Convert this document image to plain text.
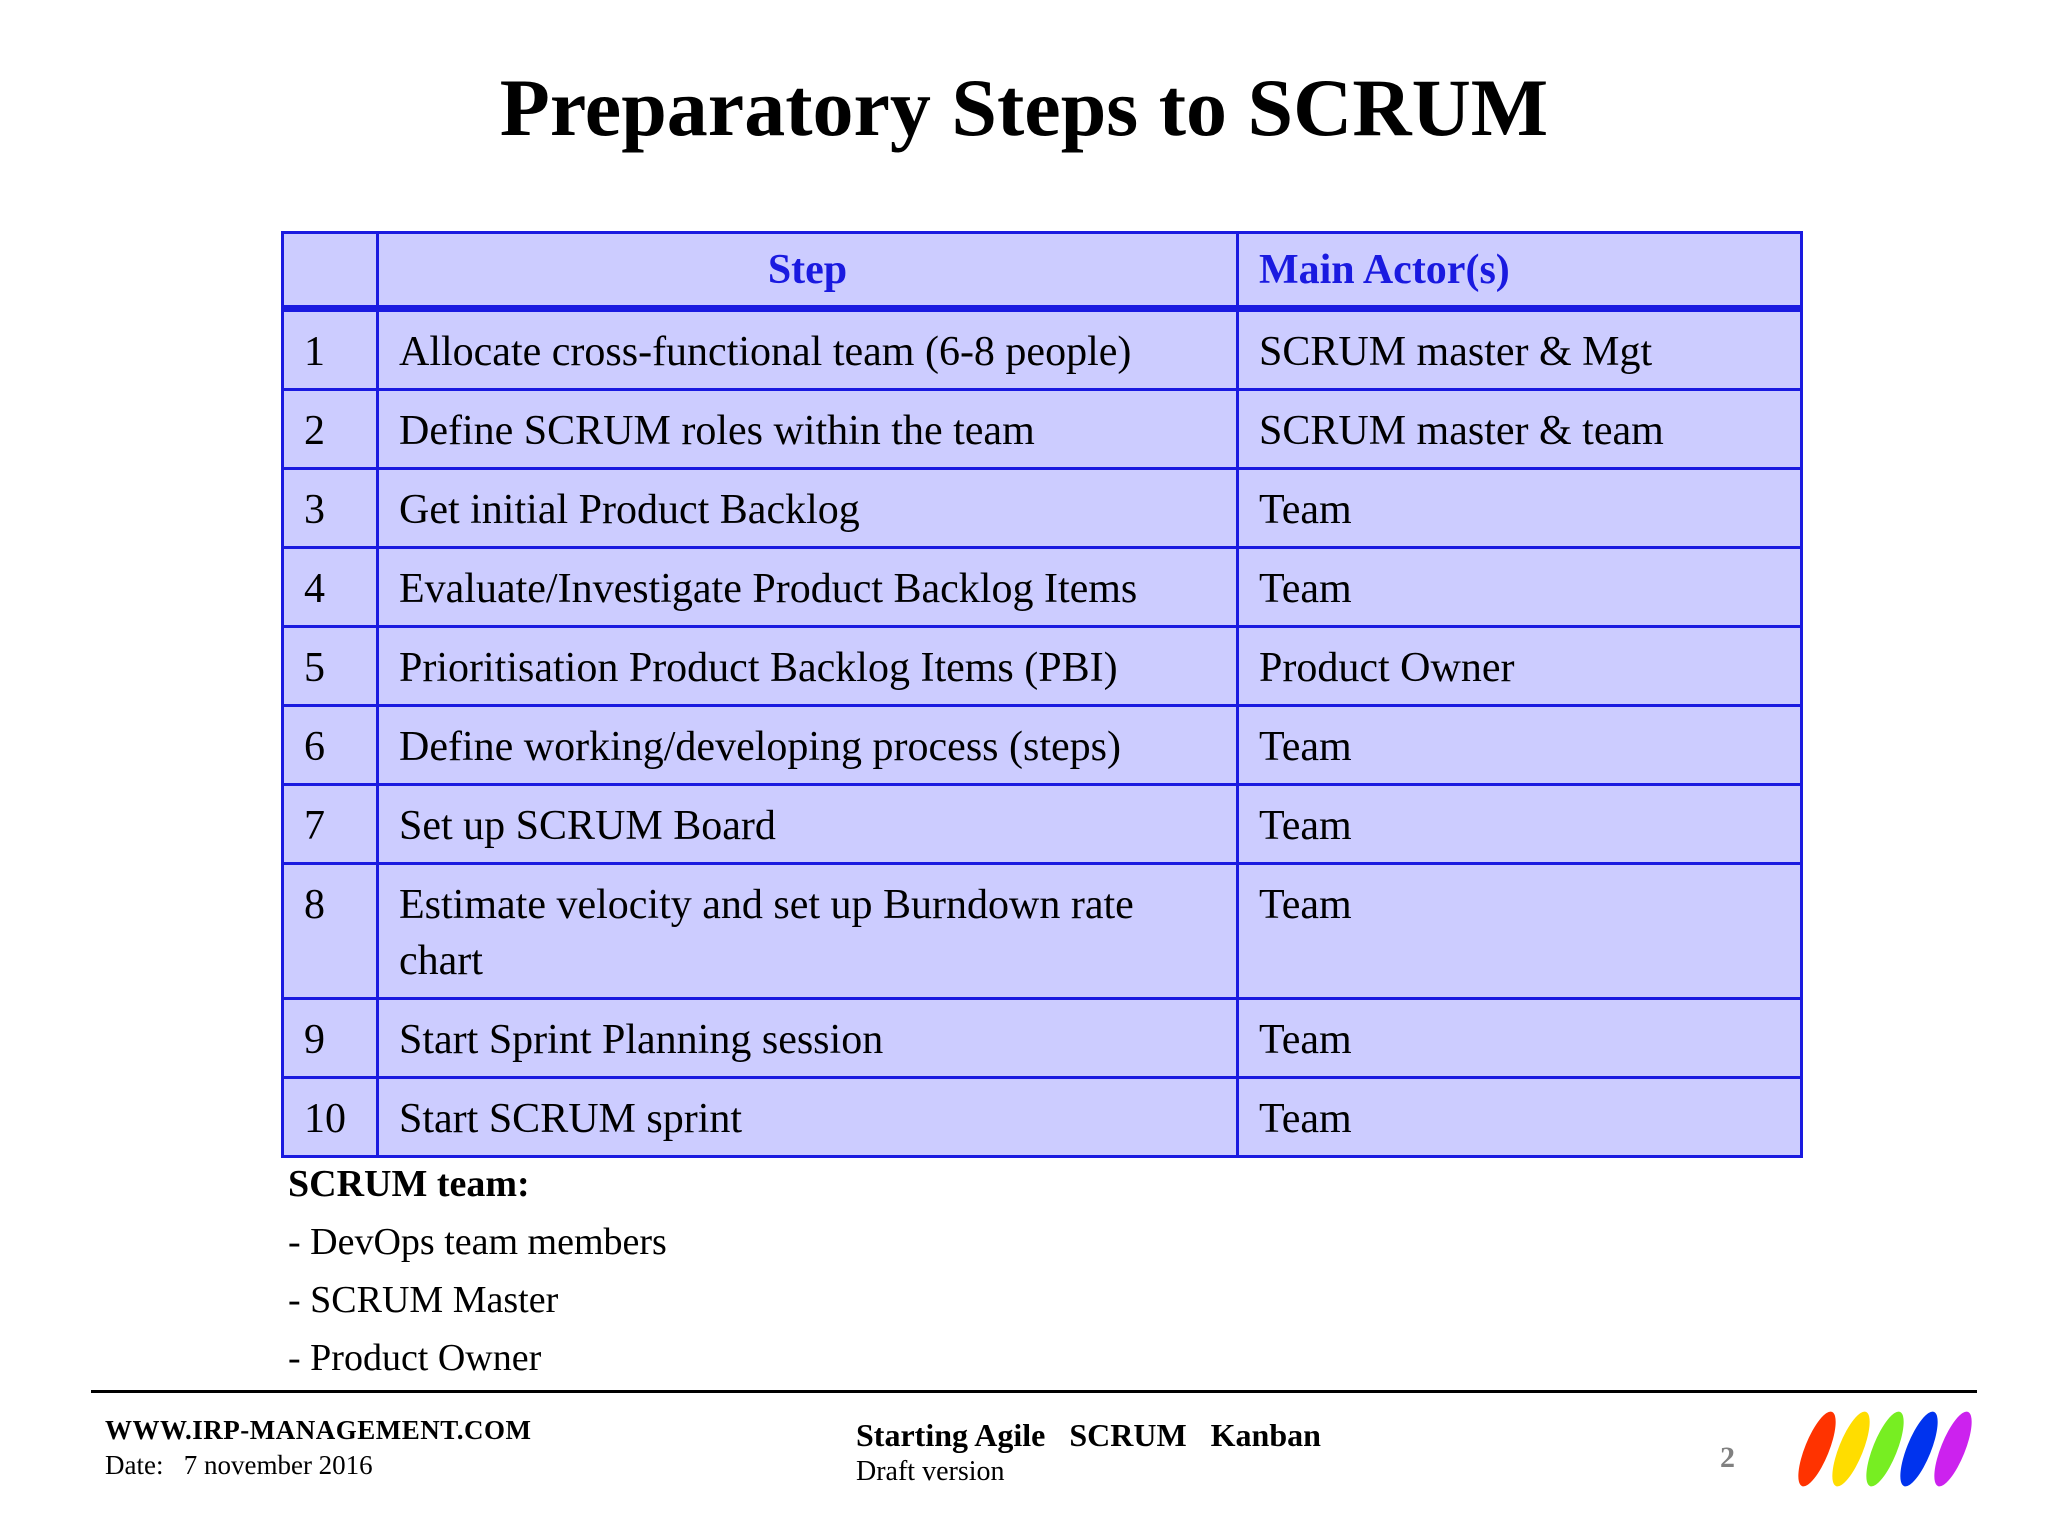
Preparatory Steps to SCRUM
	Step	Main Actor(s)
1	Allocate cross-functional team (6-8 people)	SCRUM master & Mgt
2	Define SCRUM roles within the team	SCRUM master & team
3	Get initial Product Backlog	Team
4	Evaluate/Investigate Product Backlog Items	Team
5	Prioritisation Product Backlog Items (PBI)	Product Owner
6	Define working/developing process (steps)	Team
7	Set up SCRUM Board	Team
8	Estimate velocity and set up Burndown rate chart	Team
9	Start Sprint Planning session	Team
10	Start SCRUM sprint	Team
SCRUM team:
- DevOps team members
- SCRUM Master
- Product Owner
WWW.IRP-MANAGEMENT.COM
Date:   7 november 2016
Starting Agile   SCRUM   Kanban
Draft version	2
